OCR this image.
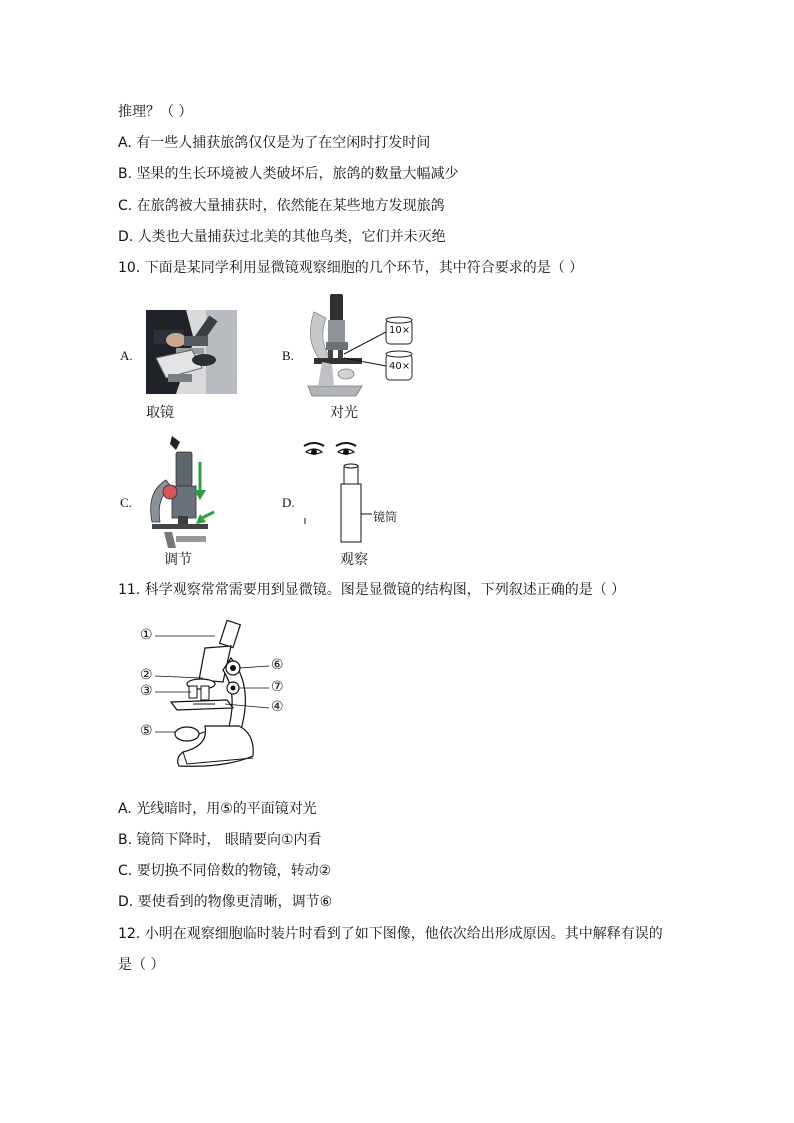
推理？（ ）
A. 有一些人捕获旅鸽仅仅是为了在空闲时打发时间
B. 坚果的生长环境被人类破坏后，旅鸽的数量大幅减少
C. 在旅鸽被大量捕获时，依然能在某些地方发现旅鸽
D. 人类也大量捕获过北美的其他鸟类，它们并未灭绝
10. 下面是某同学利用显微镜观察细胞的几个环节，其中符合要求的是（ ）
A.	B.
C.	D.
取镜
10×
40×
对光
调节
镜筒
观察
11. 科学观察常常需要用到显微镜。图是显微镜的结构图，下列叙述正确的是（ ）
①
②
③
④
⑤
⑥
⑦
A. 光线暗时，用⑤的平面镜对光
B. 镜筒下降时， 眼睛要向①内看
C. 要切换不同倍数的物镜，转动②
D. 要使看到的物像更清晰，调节⑥
12. 小明在观察细胞临时装片时看到了如下图像，他依次给出形成原因。其中解释有误的
是（ ）
